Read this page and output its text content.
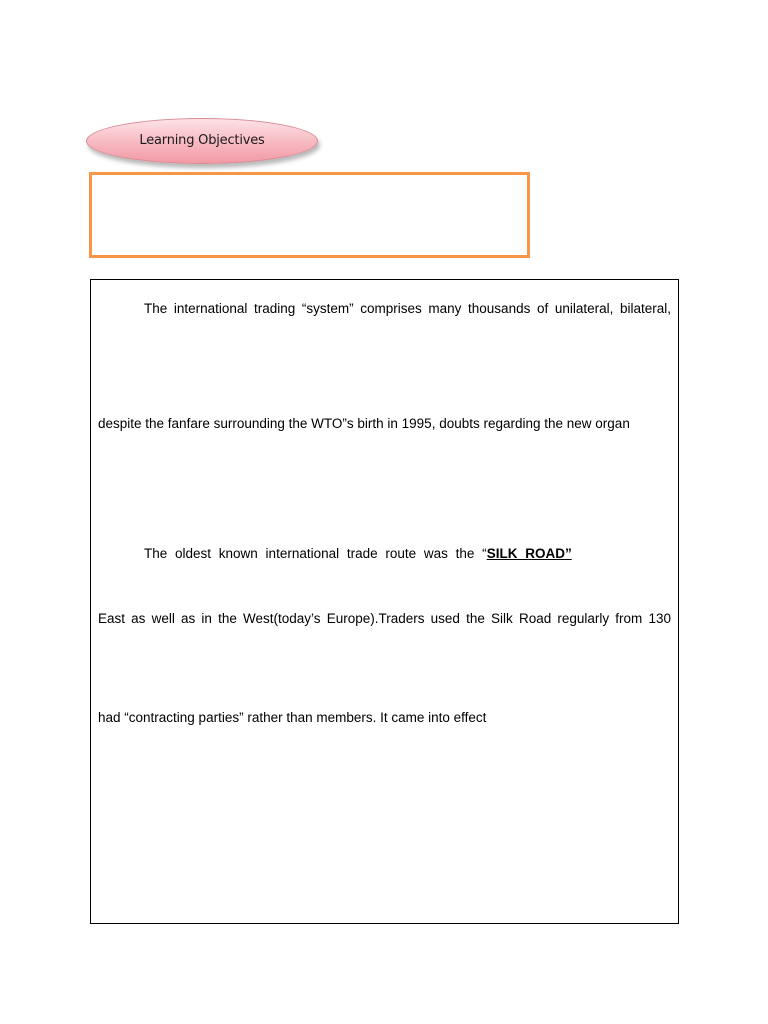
Learning Objectives
The international trading “system” comprises many thousands of unilateral, bilateral,
despite the fanfare surrounding the WTO”s birth in 1995, doubts regarding the new organ
The oldest known international trade route was the “SILK ROAD”
East as well as in the West(today’s Europe).Traders used the Silk Road regularly from 130
had “contracting parties” rather than members. It came into effect
